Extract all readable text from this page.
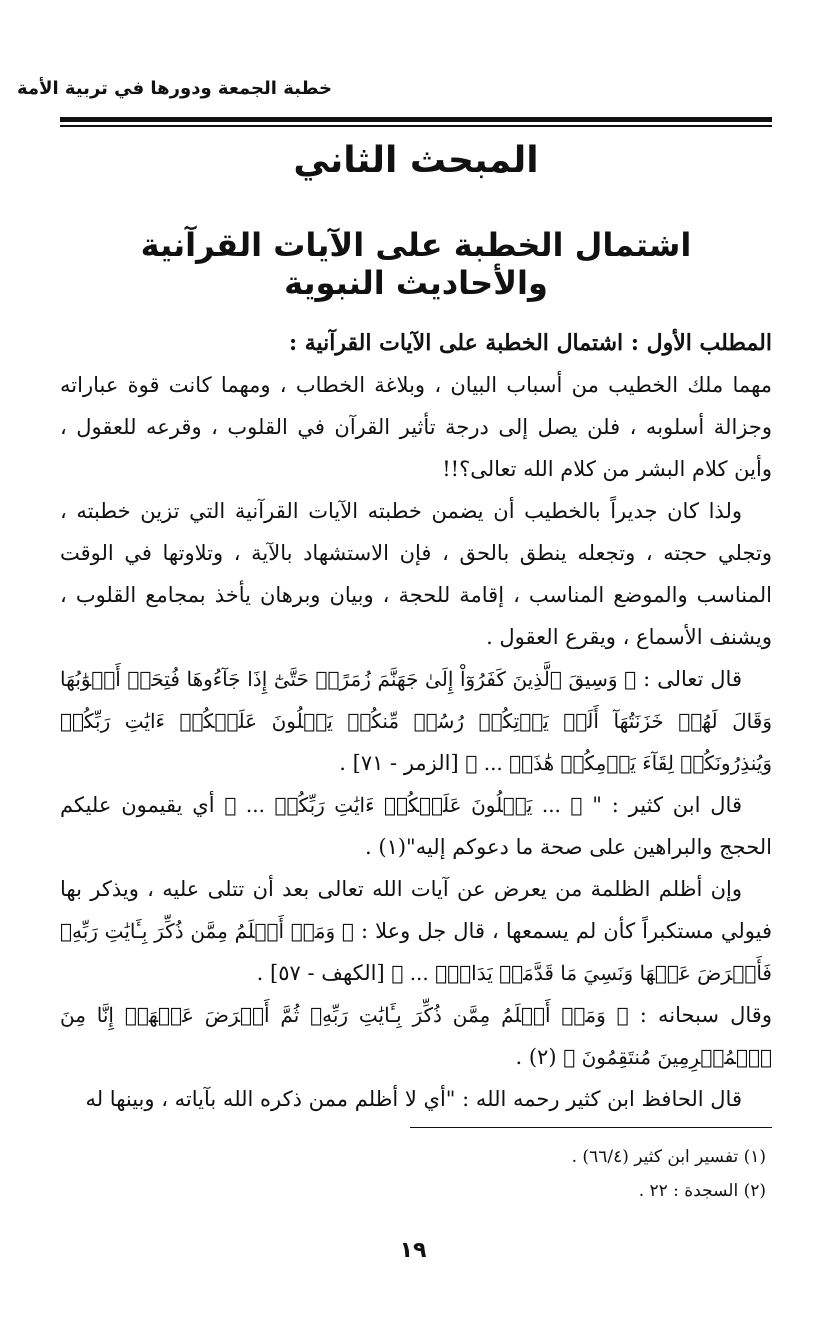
خطبة الجمعة ودورها في تربية الأمة
المبحث الثاني
اشتمال الخطبة على الآيات القرآنية والأحاديث النبوية

المطلب الأول : اشتمال الخطبة على الآيات القرآنية :

مهما ملك الخطيب من أسباب البيان ، وبلاغة الخطاب ، ومهما كانت قوة عباراته وجزالة أسلوبه ، فلن يصل إلى درجة تأثير القرآن في القلوب ، وقرعه للعقول ، وأين كلام البشر من كلام الله تعالى؟!!

ولذا كان جديراً بالخطيب أن يضمن خطبته الآيات القرآنية التي تزين خطبته ، وتجلي حجته ، وتجعله ينطق بالحق ، فإن الاستشهاد بالآية ، وتلاوتها في الوقت المناسب والموضع المناسب ، إقامة للحجة ، وبيان وبرهان يأخذ بمجامع القلوب ، ويشنف الأسماع ، ويقرع العقول .

قال تعالى : ﴿ وَسِيقَ ٱلَّذِينَ كَفَرُوٓاْ إِلَىٰ جَهَنَّمَ زُمَرًاۖ حَتَّىٰٓ إِذَا جَآءُوهَا فُتِحَتۡ أَبۡوَٰبُهَا وَقَالَ لَهُمۡ خَزَنَتُهَآ أَلَمۡ يَأۡتِكُمۡ رُسُلٞ مِّنكُمۡ يَتۡلُونَ عَلَيۡكُمۡ ءَايَٰتِ رَبِّكُمۡ وَيُنذِرُونَكُمۡ لِقَآءَ يَوۡمِكُمۡ هَٰذَاۚ ... ﴾ [الزمر - ٧١] .

قال ابن كثير : " ﴿ ... يَتۡلُونَ عَلَيۡكُمۡ ءَايَٰتِ رَبِّكُمۡ ... ﴾ أي يقيمون عليكم الحجج والبراهين على صحة ما دعوكم إليه"(١) .

وإن أظلم الظلمة من يعرض عن آيات الله تعالى بعد أن تتلى عليه ، ويذكر بها فيولي مستكبراً كأن لم يسمعها ، قال جل وعلا : ﴿ وَمَنۡ أَظۡلَمُ مِمَّن ذُكِّرَ بِـَٔايَٰتِ رَبِّهِۦ فَأَعۡرَضَ عَنۡهَا وَنَسِيَ مَا قَدَّمَتۡ يَدَاهُۚ ... ﴾ [الكهف - ٥٧] .

وقال سبحانه : ﴿ وَمَنۡ أَظۡلَمُ مِمَّن ذُكِّرَ بِـَٔايَٰتِ رَبِّهِۦ ثُمَّ أَعۡرَضَ عَنۡهَآۚ إِنَّا مِنَ ٱلۡمُجۡرِمِينَ مُنتَقِمُونَ ﴾ (٢) .

قال الحافظ ابن كثير رحمه الله : "أي لا أظلم ممن ذكره الله بآياته ، وبينها له

(١) تفسير ابن كثير (٦٦/٤) .
(٢) السجدة : ٢٢ .
١٩
